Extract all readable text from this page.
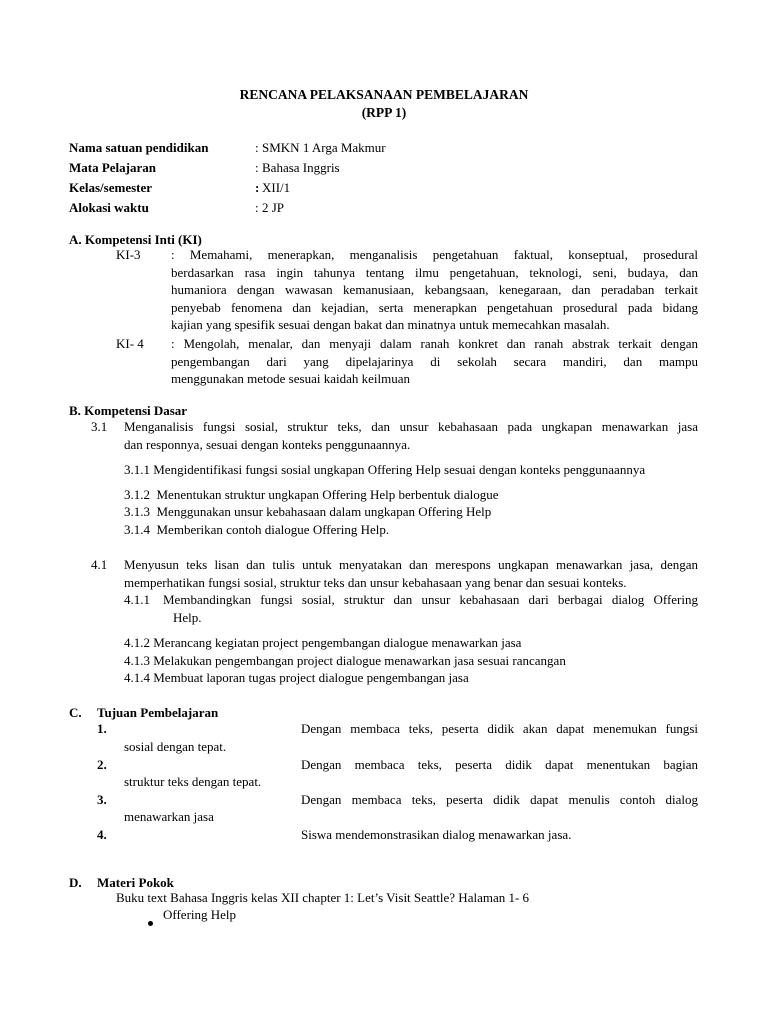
RENCANA PELAKSANAAN PEMBELAJARAN
(RPP 1)
Nama satuan pendidikan	: SMKN 1 Arga Makmur
Mata Pelajaran	: Bahasa Inggris
Kelas/semester	: XII/1
Alokasi waktu	: 2 JP
A. Kompetensi Inti (KI)
KI-3 : Memahami, menerapkan, menganalisis pengetahuan faktual, konseptual, prosedural
berdasarkan rasa ingin tahunya tentang ilmu pengetahuan, teknologi, seni, budaya, dan
humaniora dengan wawasan kemanusiaan, kebangsaan, kenegaraan, dan peradaban terkait
penyebab fenomena dan kejadian, serta menerapkan pengetahuan prosedural pada bidang
kajian yang spesifik sesuai dengan bakat dan minatnya untuk memecahkan masalah.
KI- 4 : Mengolah, menalar, dan menyaji dalam ranah konkret dan ranah abstrak terkait dengan
pengembangan dari yang dipelajarinya di sekolah secara mandiri, dan mampu
menggunakan metode sesuai kaidah keilmuan
B. Kompetensi Dasar
3.1 Menganalisis fungsi sosial, struktur teks, dan unsur kebahasaan pada ungkapan menawarkan jasa
dan responnya, sesuai dengan konteks penggunaannya.
3.1.1 Mengidentifikasi fungsi sosial ungkapan Offering Help sesuai dengan konteks penggunaannya
3.1.2 Menentukan struktur ungkapan Offering Help berbentuk dialogue
3.1.3 Menggunakan unsur kebahasaan dalam ungkapan Offering Help
3.1.4 Memberikan contoh dialogue Offering Help.
4.1 Menyusun teks lisan dan tulis untuk menyatakan dan merespons ungkapan menawarkan jasa, dengan
memperhatikan fungsi sosial, struktur teks dan unsur kebahasaan yang benar dan sesuai konteks.
4.1.1 Membandingkan fungsi sosial, struktur dan unsur kebahasaan dari berbagai dialog Offering
Help.
4.1.2 Merancang kegiatan project pengembangan dialogue menawarkan jasa
4.1.3 Melakukan pengembangan project dialogue menawarkan jasa sesuai rancangan
4.1.4 Membuat laporan tugas project dialogue pengembangan jasa
C. Tujuan Pembelajaran
1.	Dengan membaca teks, peserta didik akan dapat menemukan fungsi
sosial dengan tepat.
2.	Dengan membaca teks, peserta didik dapat menentukan bagian
struktur teks dengan tepat.
3.	Dengan membaca teks, peserta didik dapat menulis contoh dialog
menawarkan jasa
4.	Siswa mendemonstrasikan dialog menawarkan jasa.
D. Materi Pokok
Buku text Bahasa Inggris kelas XII chapter 1: Let’s Visit Seattle? Halaman 1- 6
Offering Help
